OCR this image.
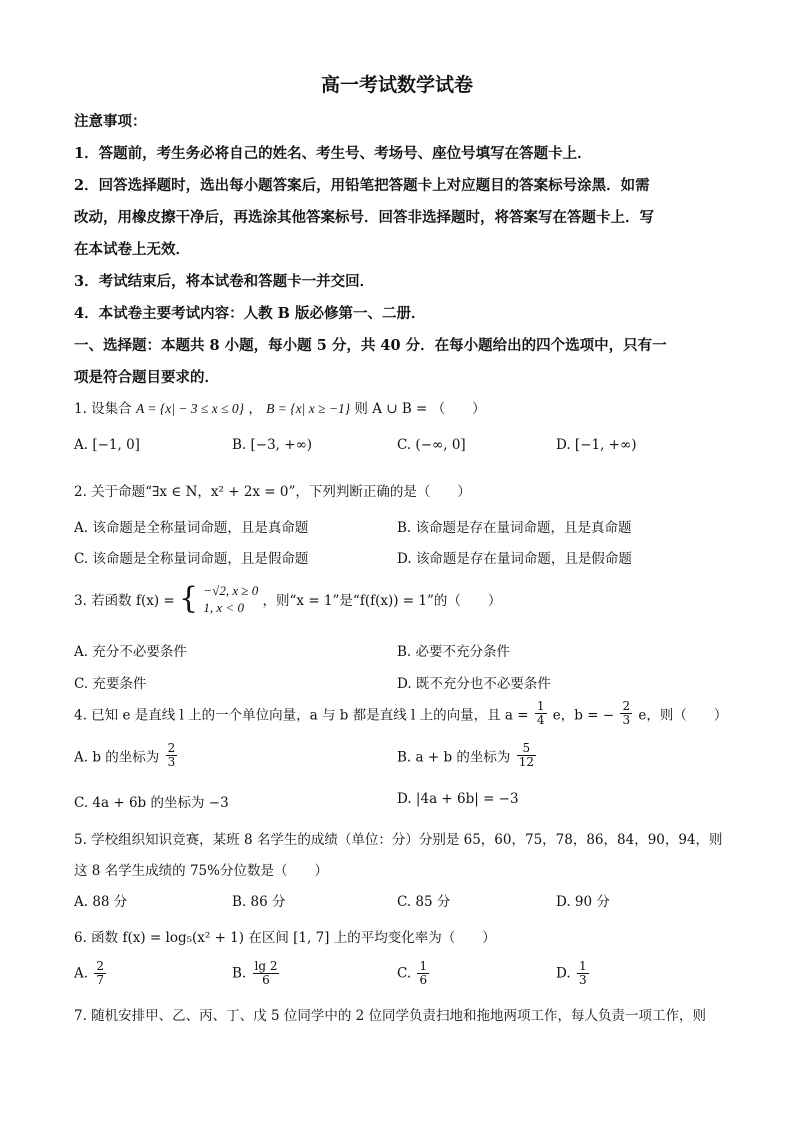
高一考试数学试卷
注意事项：
1．答题前，考生务必将自己的姓名、考生号、考场号、座位号填写在答题卡上．
2．回答选择题时，选出每小题答案后，用铅笔把答题卡上对应题目的答案标号涂黑．如需
改动，用橡皮擦干净后，再选涂其他答案标号．回答非选择题时，将答案写在答题卡上．写
在本试卷上无效．
3．考试结束后，将本试卷和答题卡一并交回．
4．本试卷主要考试内容：人教 B 版必修第一、二册．
一、选择题：本题共 8 小题，每小题 5 分，共 40 分．在每小题给出的四个选项中，只有一
项是符合题目要求的．
1. 设集合 A = {x| − 3 ≤ x ≤ 0} ， B = {x| x ≥ −1} 则 A ∪ B = （　　）
A. [−1, 0]	B. [−3, +∞)	C. (−∞, 0]	D. [−1, +∞)
2. 关于命题“∃x ∈ N，x² + 2x = 0”，下列判断正确的是（　　）
A. 该命题是全称量词命题，且是真命题	B. 该命题是存在量词命题，且是真命题
C. 该命题是全称量词命题，且是假命题	D. 该命题是存在量词命题，且是假命题
3. 若函数 f(x) = { −√2, x ≥ 0
1, x < 0	，则“x = 1”是“f(f(x)) = 1”的（　　）
A. 充分不必要条件	B. 必要不充分条件
C. 充要条件	D. 既不充分也不必要条件
4. 已知 e 是直线 l 上的一个单位向量，a 与 b 都是直线 l 上的向量，且 $a = \frac{1}{4}$ e，b = − $\frac{2}{3}$ e，则（　　）
A. b 的坐标为 $\frac{2}{3}$	B. a + b 的坐标为 $\frac{5}{12}$
C. 4a + 6b 的坐标为 −3	D. |4a + 6b| = −3
5. 学校组织知识竞赛，某班 8 名学生的成绩（单位：分）分别是 65，60，75，78，86，84，90，94，则
这 8 名学生成绩的 75%分位数是（　　）
A. 88 分	B. 86 分	C. 85 分	D. 90 分
6. 函数 f(x) = log₅(x² + 1) 在区间 [1, 7] 上的平均变化率为（　　）
A. $\frac{2}{7}$	B. $\frac{\lg 2}{6}$	C. $\frac{1}{6}$	D. $\frac{1}{3}$
7. 随机安排甲、乙、丙、丁、戊 5 位同学中的 2 位同学负责扫地和拖地两项工作，每人负责一项工作，则
